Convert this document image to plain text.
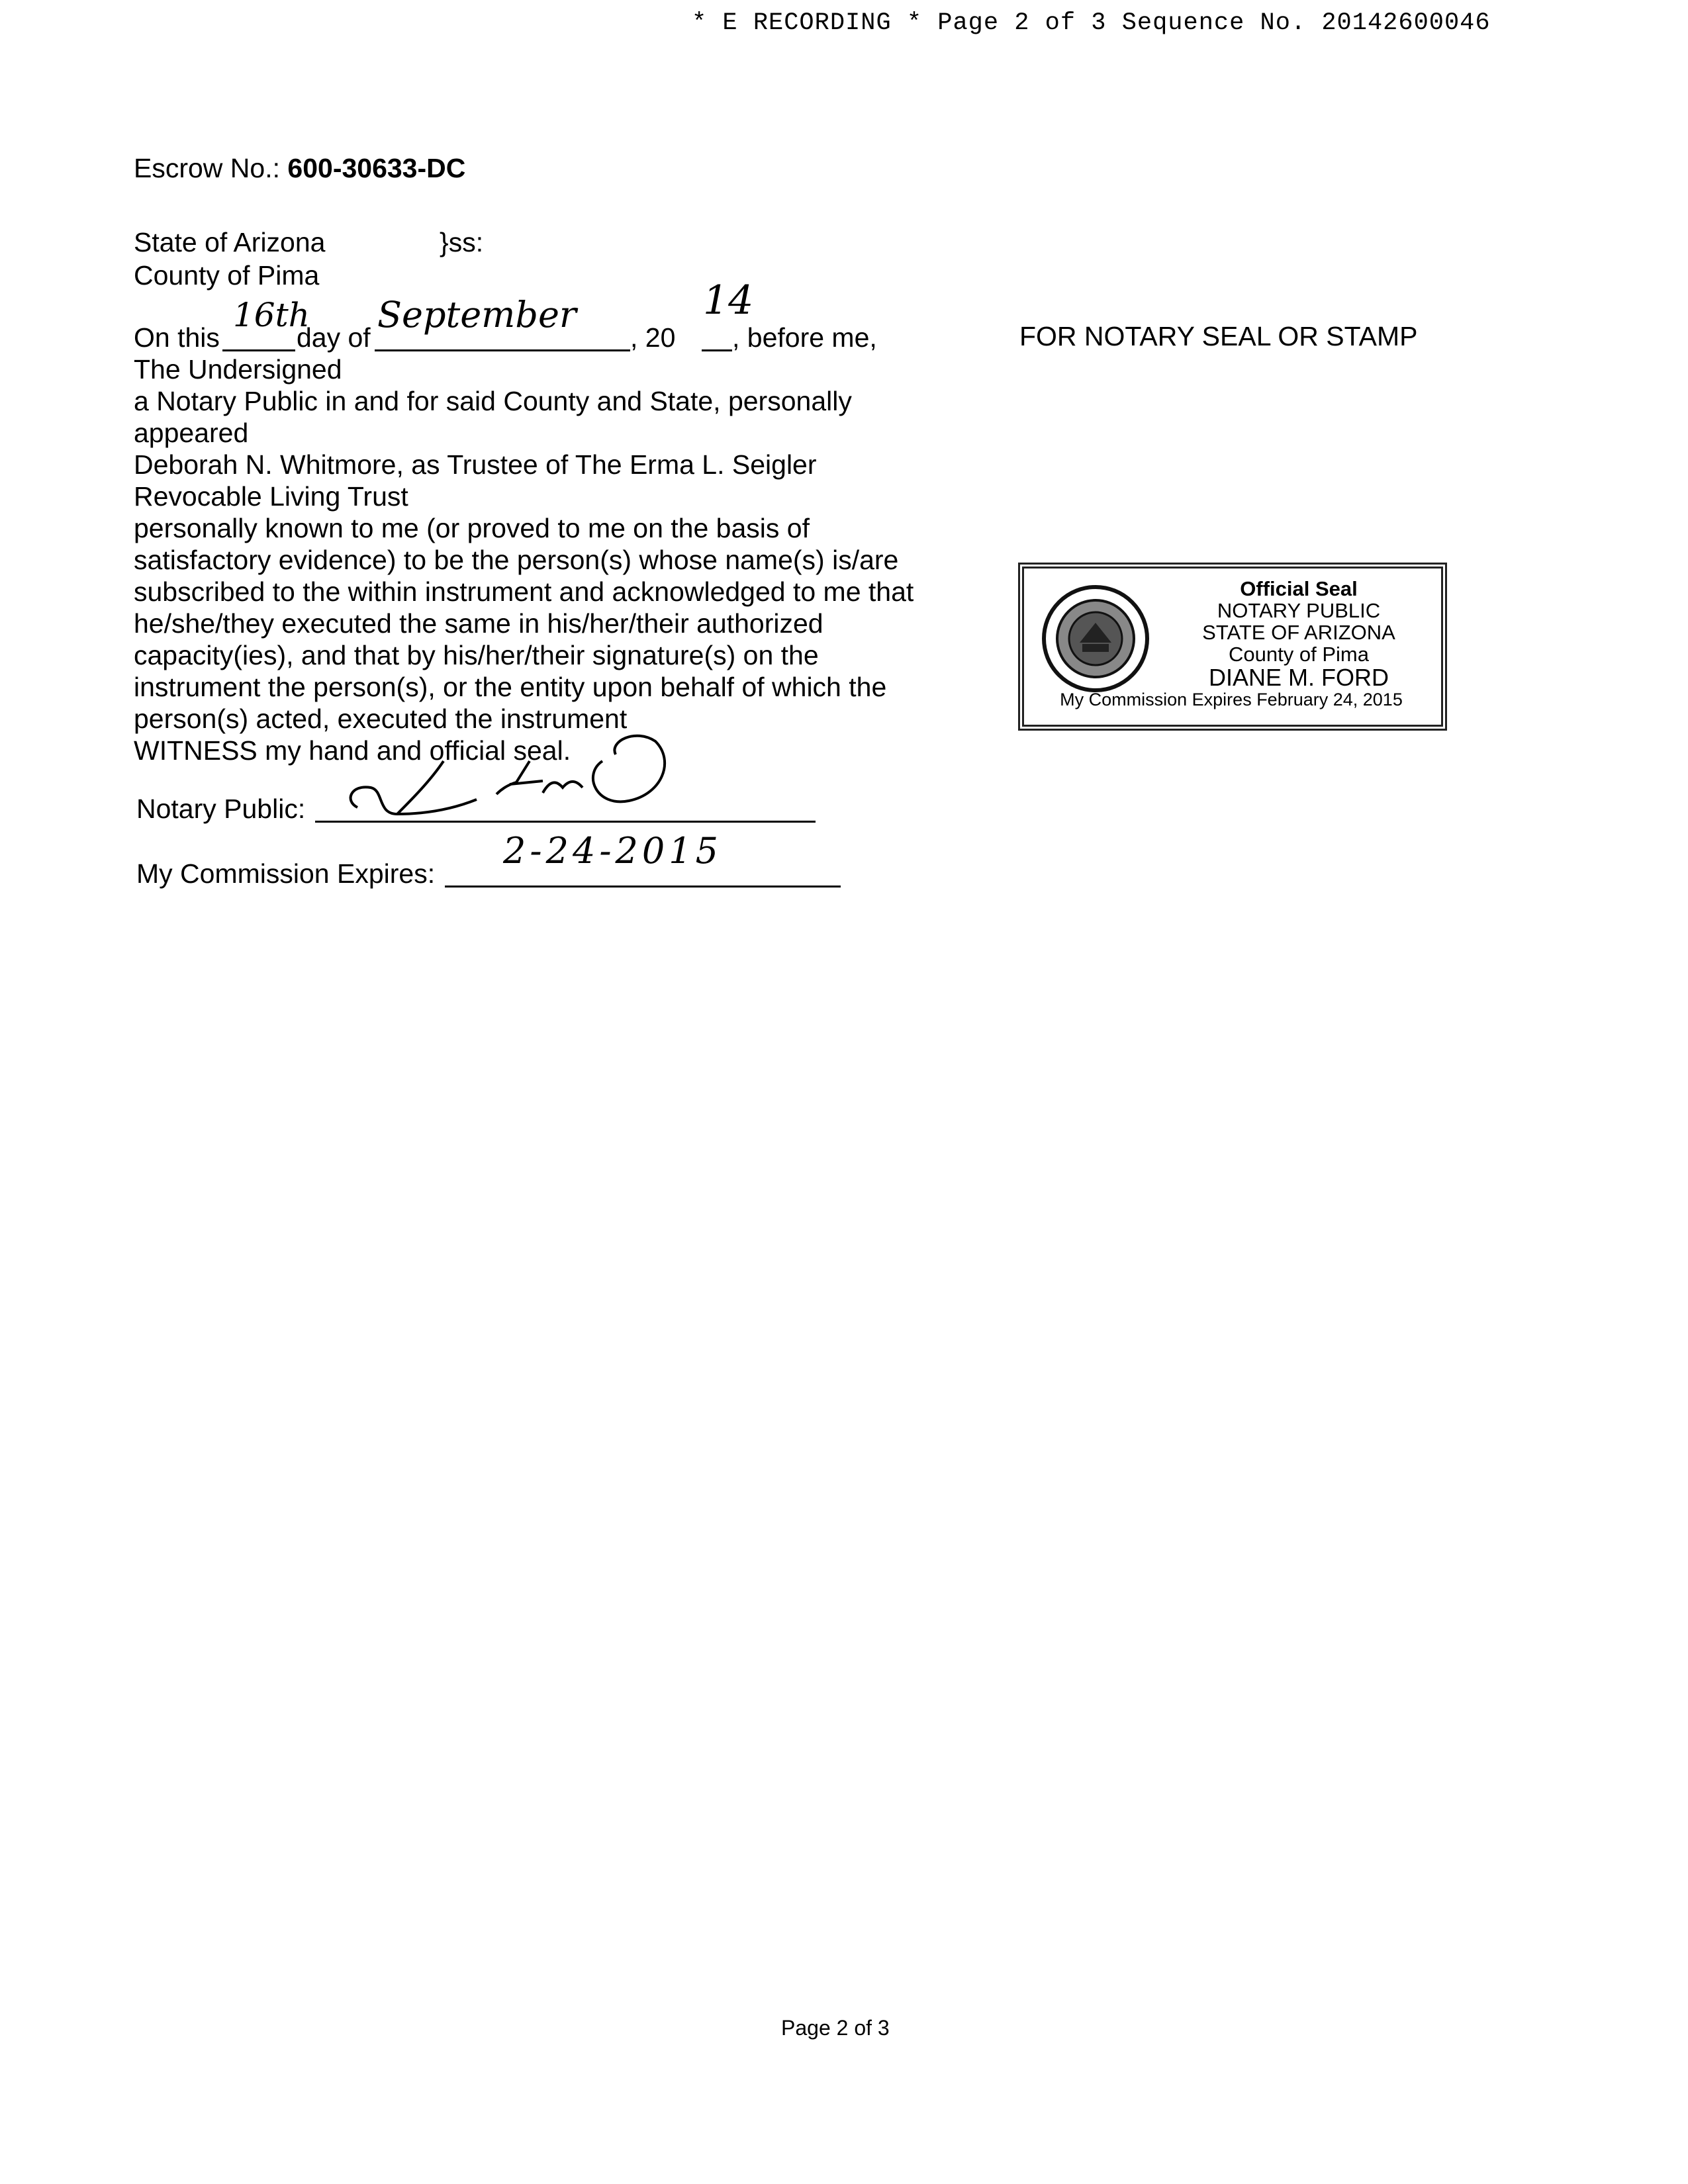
* E RECORDING * Page 2 of 3 Sequence No. 20142600046
Escrow No.: 600-30633-DC
State of Arizona	}ss:
County of Pima
On this
16th
day of
September
, 20
14
, before me,
The Undersigned
a Notary Public in and for said County and State, personally
appeared
Deborah N. Whitmore, as Trustee of The Erma L. Seigler
Revocable Living Trust
personally known to me (or proved to me on the basis of
satisfactory evidence) to be the person(s) whose name(s) is/are
subscribed to the within instrument and acknowledged to me that
he/she/they executed the same in his/her/their authorized
capacity(ies), and that by his/her/their signature(s) on the
instrument the person(s), or the entity upon behalf of which the
person(s) acted, executed the instrument
WITNESS my hand and official seal.
Notary Public:
My Commission Expires:
2-24-2015
FOR NOTARY SEAL OR STAMP
Official Seal
NOTARY PUBLIC
STATE OF ARIZONA
County of Pima
DIANE M. FORD
My Commission Expires February 24, 2015
Page 2 of 3
